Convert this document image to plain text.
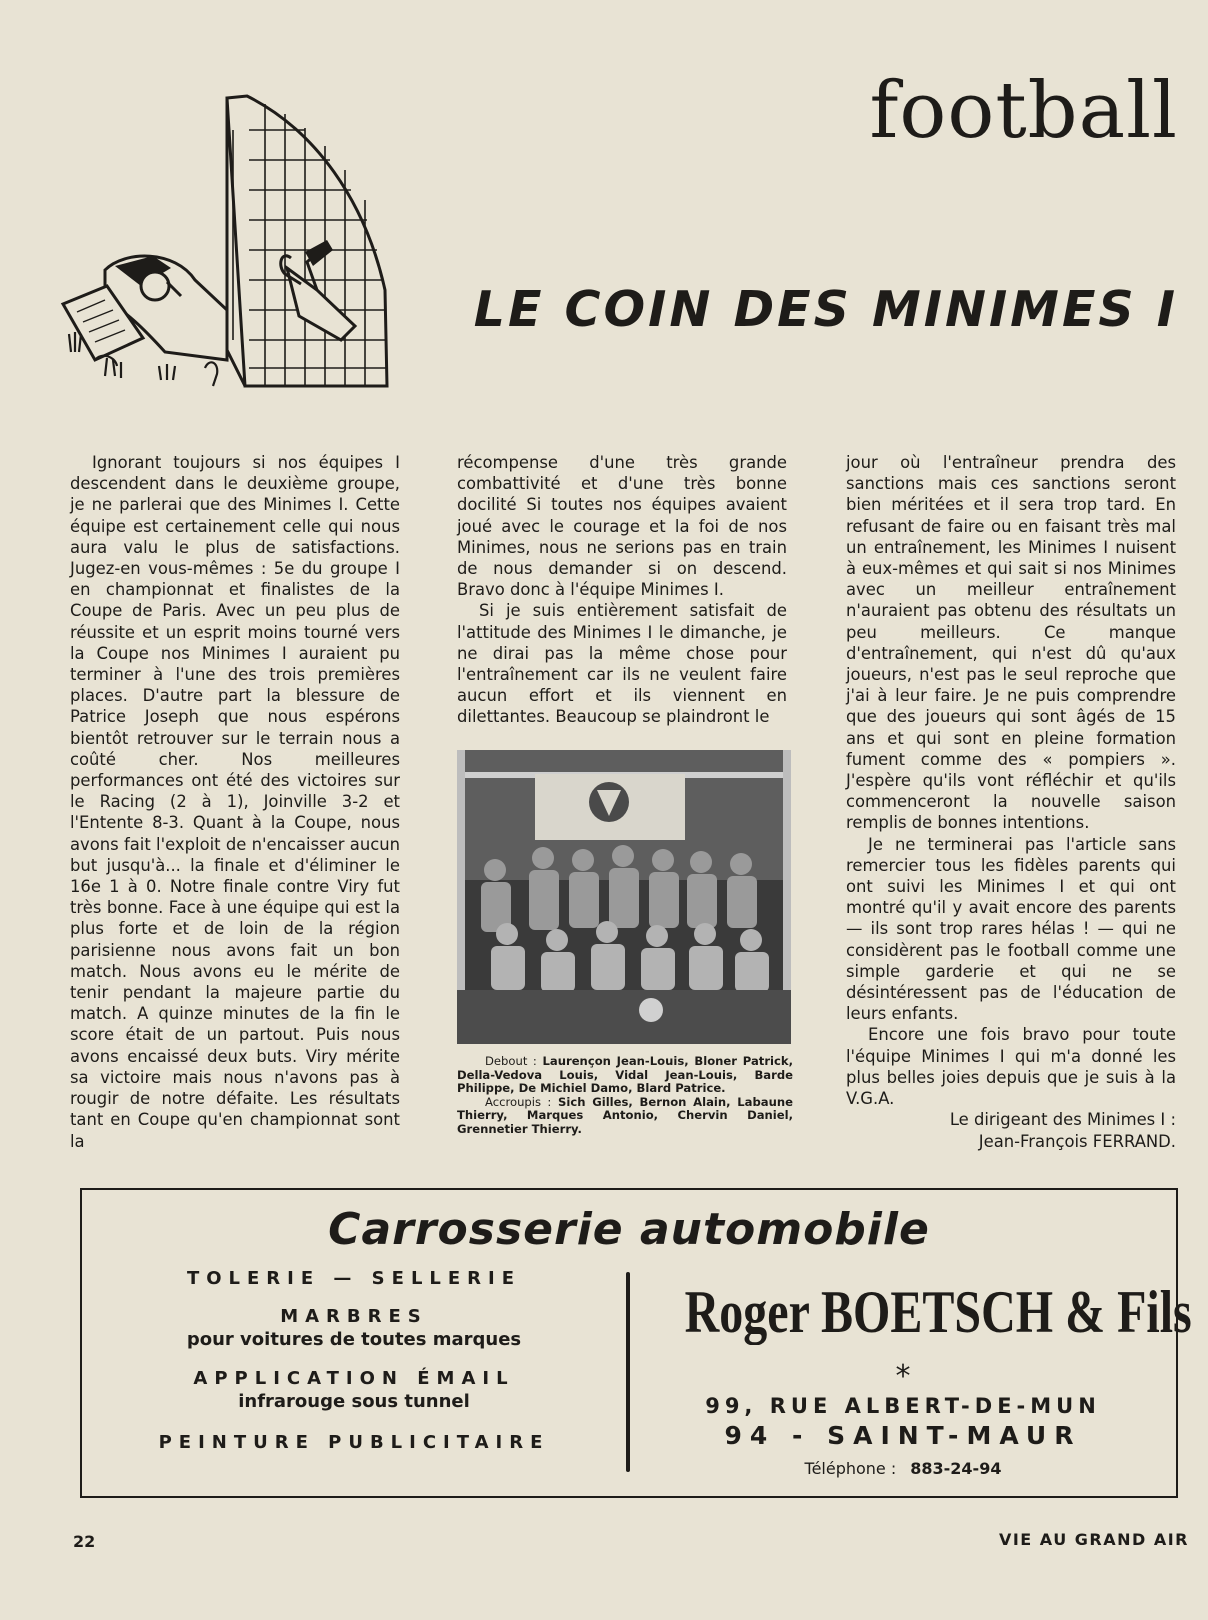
football
LE COIN DES MINIMES I

Ignorant toujours si nos équipes I descendent dans le deuxième groupe, je ne parlerai que des Minimes I. Cette équipe est certainement celle qui nous aura valu le plus de satisfactions. Jugez-en vous-mêmes : 5e du groupe I en championnat et finalistes de la Coupe de Paris. Avec un peu plus de réussite et un esprit moins tourné vers la Coupe nos Minimes I auraient pu terminer à l'une des trois premières places. D'autre part la blessure de Patrice Joseph que nous espérons bientôt retrouver sur le terrain nous a coûté cher. Nos meilleures performances ont été des victoires sur le Racing (2 à 1), Joinville 3-2 et l'Entente 8-3. Quant à la Coupe, nous avons fait l'exploit de n'encaisser aucun but jusqu'à... la finale et d'éliminer le 16e 1 à 0. Notre finale contre Viry fut très bonne. Face à une équipe qui est la plus forte et de loin de la région parisienne nous avons fait un bon match. Nous avons eu le mérite de tenir pendant la majeure partie du match. A quinze minutes de la fin le score était de un partout. Puis nous avons encaissé deux buts. Viry mérite sa victoire mais nous n'avons pas à rougir de notre défaite. Les résultats tant en Coupe qu'en championnat sont la

récompense d'une très grande combattivité et d'une très bonne docilité Si toutes nos équipes avaient joué avec le courage et la foi de nos Minimes, nous ne serions pas en train de nous demander si on descend. Bravo donc à l'équipe Minimes I.

Si je suis entièrement satisfait de l'attitude des Minimes I le dimanche, je ne dirai pas la même chose pour l'entraînement car ils ne veulent faire aucun effort et ils viennent en dilettantes. Beaucoup se plaindront le

Debout : Laurençon Jean-Louis, Bloner Patrick, Della-Vedova Louis, Vidal Jean-Louis, Barde Philippe, De Michiel Damo, Blard Patrice.

Accroupis : Sich Gilles, Bernon Alain, Labaune Thierry, Marques Antonio, Chervin Daniel, Grennetier Thierry.

jour où l'entraîneur prendra des sanctions mais ces sanctions seront bien méritées et il sera trop tard. En refusant de faire ou en faisant très mal un entraînement, les Minimes I nuisent à eux-mêmes et qui sait si nos Minimes avec un meilleur entraînement n'auraient pas obtenu des résultats un peu meilleurs. Ce manque d'entraînement, qui n'est dû qu'aux joueurs, n'est pas le seul reproche que j'ai à leur faire. Je ne puis comprendre que des joueurs qui sont âgés de 15 ans et qui sont en pleine formation fument comme des « pompiers ». J'espère qu'ils vont réfléchir et qu'ils commenceront la nouvelle saison remplis de bonnes intentions.

Je ne terminerai pas l'article sans remercier tous les fidèles parents qui ont suivi les Minimes I et qui ont montré qu'il y avait encore des parents — ils sont trop rares hélas ! — qui ne considèrent pas le football comme une simple garderie et qui ne se désintéressent pas de l'éducation de leurs enfants.

Encore une fois bravo pour toute l'équipe Minimes I qui m'a donné les plus belles joies depuis que je suis à la V.G.A.

Le dirigeant des Minimes I :

Jean-François FERRAND.

Carrosserie automobile
TOLERIE — SELLERIE
MARBRES
pour voitures de toutes marques
APPLICATION ÉMAIL
infrarouge sous tunnel
PEINTURE PUBLICITAIRE
Roger BOETSCH & Fils
*
99, RUE ALBERT-DE-MUN
94 - SAINT-MAUR
Téléphone : 883-24-94
22	VIE AU GRAND AIR
